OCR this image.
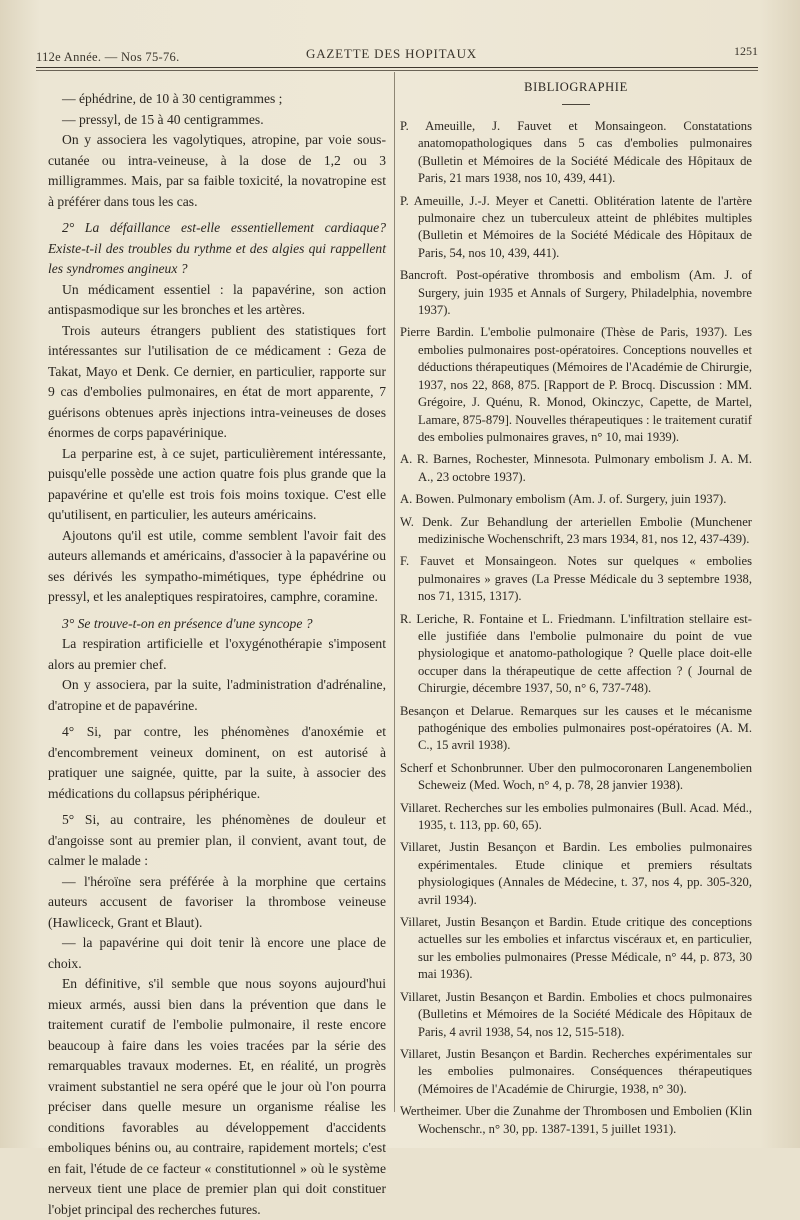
112e Année. — Nos 75-76.	GAZETTE DES HOPITAUX	1251

— éphédrine, de 10 à 30 centigrammes ;

— pressyl, de 15 à 40 centigrammes.

On y associera les vagolytiques, atropine, par voie sous-cutanée ou intra-veineuse, à la dose de 1,2 ou 3 milligrammes. Mais, par sa faible toxicité, la novatropine est à préférer dans tous les cas.

2° La défaillance est-elle essentiellement cardiaque? Existe-t-il des troubles du rythme et des algies qui rappellent les syndromes angineux ?

Un médicament essentiel : la papavérine, son action antispasmodique sur les bronches et les artères.

Trois auteurs étrangers publient des statistiques fort intéressantes sur l'utilisation de ce médicament : Geza de Takat, Mayo et Denk. Ce dernier, en particulier, rapporte sur 9 cas d'embolies pulmonaires, en état de mort apparente, 7 guérisons obtenues après injections intra-veineuses de doses énormes de corps papavérinique.

La perparine est, à ce sujet, particulièrement intéressante, puisqu'elle possède une action quatre fois plus grande que la papavérine et qu'elle est trois fois moins toxique. C'est elle qu'utilisent, en particulier, les auteurs américains.

Ajoutons qu'il est utile, comme semblent l'avoir fait des auteurs allemands et américains, d'associer à la papavérine ou ses dérivés les sympatho-mimétiques, type éphédrine ou pressyl, et les analeptiques respiratoires, camphre, coramine.

3° Se trouve-t-on en présence d'une syncope ?

La respiration artificielle et l'oxygénothérapie s'imposent alors au premier chef.

On y associera, par la suite, l'administration d'adrénaline, d'atropine et de papavérine.

4° Si, par contre, les phénomènes d'anoxémie et d'encombrement veineux dominent, on est autorisé à pratiquer une saignée, quitte, par la suite, à associer des médications du collapsus périphérique.

5° Si, au contraire, les phénomènes de douleur et d'angoisse sont au premier plan, il convient, avant tout, de calmer le malade :

— l'héroïne sera préférée à la morphine que certains auteurs accusent de favoriser la thrombose veineuse (Hawliceck, Grant et Blaut).

— la papavérine qui doit tenir là encore une place de choix.

En définitive, s'il semble que nous soyons aujourd'hui mieux armés, aussi bien dans la prévention que dans le traitement curatif de l'embolie pulmonaire, il reste encore beaucoup à faire dans les voies tracées par la série des remarquables travaux modernes. Et, en réalité, un progrès vraiment substantiel ne sera opéré que le jour où l'on pourra préciser dans quelle mesure un organisme réalise les conditions favorables au développement d'accidents emboliques bénins ou, au contraire, rapidement mortels; c'est en fait, l'étude de ce facteur « constitutionnel » où le système nerveux tient une place de premier plan qui doit constituer l'objet principal des recherches futures.

BIBLIOGRAPHIE

P. Ameuille, J. Fauvet et Monsaingeon. Constatations anatomopathologiques dans 5 cas d'embolies pulmonaires (Bulletin et Mémoires de la Société Médicale des Hôpitaux de Paris, 21 mars 1938, nos 10, 439, 441).

P. Ameuille, J.-J. Meyer et Canetti. Oblitération latente de l'artère pulmonaire chez un tuberculeux atteint de phlébites multiples (Bulletin et Mémoires de la Société Médicale des Hôpitaux de Paris, 54, nos 10, 439, 441).

Bancroft. Post-opérative thrombosis and embolism (Am. J. of Surgery, juin 1935 et Annals of Surgery, Philadelphia, novembre 1937).

Pierre Bardin. L'embolie pulmonaire (Thèse de Paris, 1937). Les embolies pulmonaires post-opératoires. Conceptions nouvelles et déductions thérapeutiques (Mémoires de l'Académie de Chirurgie, 1937, nos 22, 868, 875. [Rapport de P. Brocq. Discussion : MM. Grégoire, J. Quénu, R. Monod, Okinczyc, Capette, de Martel, Lamare, 875-879]. Nouvelles thérapeutiques : le traitement curatif des embolies pulmonaires graves, n° 10, mai 1939).

A. R. Barnes, Rochester, Minnesota. Pulmonary embolism J. A. M. A., 23 octobre 1937).

A. Bowen. Pulmonary embolism (Am. J. of. Surgery, juin 1937).

W. Denk. Zur Behandlung der arteriellen Embolie (Munchener medizinische Wochenschrift, 23 mars 1934, 81, nos 12, 437-439).

F. Fauvet et Monsaingeon. Notes sur quelques « embolies pulmonaires » graves (La Presse Médicale du 3 septembre 1938, nos 71, 1315, 1317).

R. Leriche, R. Fontaine et L. Friedmann. L'infiltration stellaire est-elle justifiée dans l'embolie pulmonaire du point de vue physiologique et anatomo-pathologique ? Quelle place doit-elle occuper dans la thérapeutique de cette affection ? ( Journal de Chirurgie, décembre 1937, 50, n° 6, 737-748).

Besançon et Delarue. Remarques sur les causes et le mécanisme pathogénique des embolies pulmonaires post-opératoires (A. M. C., 15 avril 1938).

Scherf et Schonbrunner. Uber den pulmocoronaren Langenembolien Scheweiz (Med. Woch, n° 4, p. 78, 28 janvier 1938).

Villaret. Recherches sur les embolies pulmonaires (Bull. Acad. Méd., 1935, t. 113, pp. 60, 65).

Villaret, Justin Besançon et Bardin. Les embolies pulmonaires expérimentales. Etude clinique et premiers résultats physiologiques (Annales de Médecine, t. 37, nos 4, pp. 305-320, avril 1934).

Villaret, Justin Besançon et Bardin. Etude critique des conceptions actuelles sur les embolies et infarctus viscéraux et, en particulier, sur les embolies pulmonaires (Presse Médicale, n° 44, p. 873, 30 mai 1936).

Villaret, Justin Besançon et Bardin. Embolies et chocs pulmonaires (Bulletins et Mémoires de la Société Médicale des Hôpitaux de Paris, 4 avril 1938, 54, nos 12, 515-518).

Villaret, Justin Besançon et Bardin. Recherches expérimentales sur les embolies pulmonaires. Conséquences thérapeutiques (Mémoires de l'Académie de Chirurgie, 1938, n° 30).

Wertheimer. Uber die Zunahme der Thrombosen und Embolien (Klin Wochenschr., n° 30, pp. 1387-1391, 5 juillet 1931).
